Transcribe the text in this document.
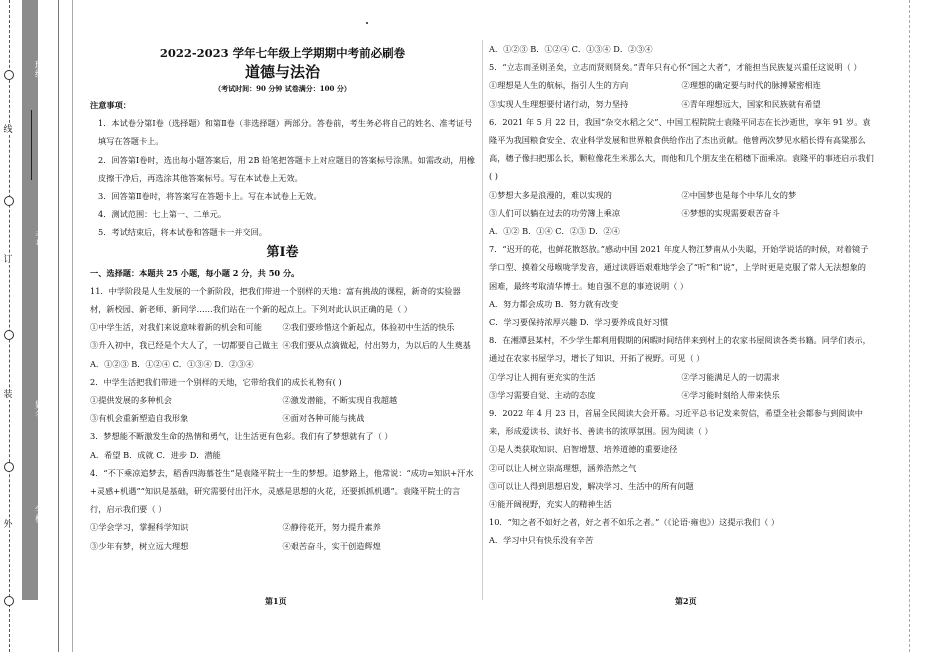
线
订
装
外
班级：
考号：
姓名：
学校：
2022-2023 学年七年级上学期期中考前必刷卷
道德与法治
（考试时间：90 分钟 试卷满分：100 分）
注意事项：
1．本试卷分第Ⅰ卷（选择题）和第Ⅱ卷（非选择题）两部分。答卷前，考生务必将自己的姓名、准考证号填写在答题卡上。
2．回答第Ⅰ卷时，选出每小题答案后，用 2B 铅笔把答题卡上对应题目的答案标号涂黑。如需改动，用橡皮擦干净后，再选涂其他答案标号。写在本试卷上无效。
3．回答第Ⅱ卷时，将答案写在答题卡上。写在本试卷上无效。
4．测试范围：七上第一、二单元。
5．考试结束后，将本试卷和答题卡一并交回。
第Ⅰ卷
一、选择题：本题共 25 小题，每小题 2 分，共 50 分。
11．中学阶段是人生发展的一个新阶段，把我们带进一个别样的天地：富有挑战的课程，新奇的实验器材，新校园、新老师、新同学……我们站在一个新的起点上。下列对此认识正确的是（ ）
①中学生活，对我们来说意味着新的机会和可能	②我们要珍惜这个新起点，体验初中生活的快乐
③升入初中，我已经是个大人了，一切都要自己做主 ④我们要从点滴做起，付出努力，为以后的人生奠基
A．①②③ B．①②④ C．①③④ D．②③④
2．中学生活把我们带进一个别样的天地，它带给我们的成长礼物有( )
①提供发展的多种机会	②激发潜能，不断实现自我超越
③有机会重新塑造自我形象	④面对各种可能与挑战
3．梦想能不断激发生命的热情和勇气，让生活更有色彩。我们有了梦想就有了（ ）
A．希望 B．成就 C．进步 D．潜能
4．“不下乘凉追梦去，稻香四海慕苍生”是袁隆平院士一生的梦想。追梦路上，他常说：“成功=知识+汗水+灵感+机遇”“知识是基础，研究需要付出汗水，灵感是思想的火花，还要抓抓机遇”。袁隆平院士的言行，启示我们要（ ）
①学会学习，掌握科学知识	②静待花开，努力提升素养
③少年有梦，树立远大理想	④艰苦奋斗，实干创造辉煌
A．①②③ B．①②④ C．①③④ D．②③④
5．“立志而圣则圣矣，立志而贤则贤矣。”青年只有心怀“国之大者”，才能担当民族复兴重任这说明（ ）
①理想是人生的航标，指引人生的方向	②理想的确定要与时代的脉搏紧密相连
③实现人生理想要付诸行动，努力坚持	④青年理想远大，国家和民族就有希望
6．2021 年 5 月 22 日，我国“杂交水稻之父”、中国工程院院士袁隆平同志在长沙逝世，享年 91 岁。袁隆平为我国粮食安全、农业科学发展和世界粮食供给作出了杰出贡献。他曾两次梦见水稻长得有高粱那么高，穗子像扫把那么长，颗粒像花生米那么大，而他和几个朋友坐在稻穗下面乘凉。袁隆平的事迹启示我们( )
①梦想大多是浪漫的，难以实现的	②中国梦也是每个中华儿女的梦
③人们可以躺在过去的功劳簿上乘凉	④梦想的实现需要艰苦奋斗
A．①② B．①④ C．②③ D．②④
7．“迟开的花，也鲜花散怒放。”感动中国 2021 年度人物江梦南从小失聪，开始学说话的时候，对着镜子学口型、摸着父母喉咙学发音，通过读唇语艰难地学会了“听”和“说”，上学时更是克服了常人无法想象的困难，最终考取清华博士。她自强不息的事迹说明（ ）
A．努力都会成功 B．努力就有改变
C．学习要保持浓厚兴趣 D．学习要养成良好习惯
8．在湘潭县某村，不少学生都利用假期的闲暇时间结伴来到村上的农家书屋阅读各类书籍。同学们表示，通过在农家书屋学习，增长了知识、开拓了视野。可见（ ）
①学习让人拥有更充实的生活	②学习能满足人的一切需求
③学习需要自觉、主动的态度	④学习能时刻给人带来快乐
9．2022 年 4 月 23 日，首届全民阅读大会开幕。习近平总书记发来贺信，希望全社会都参与到阅读中来，形成爱读书、读好书、善读书的浓厚氛围。因为阅读（ ）
①是人类获取知识、启智增慧、培养道德的重要途径
②可以让人树立崇高理想，涵养浩然之气
③可以让人得到思想启发，解决学习、生活中的所有问题
④能开阔视野，充实人的精神生活
10．“知之者不如好之者，好之者不如乐之者。”（《论语·雍也》）这提示我们（ ）
A．学习中只有快乐没有辛苦
第1页	第2页
